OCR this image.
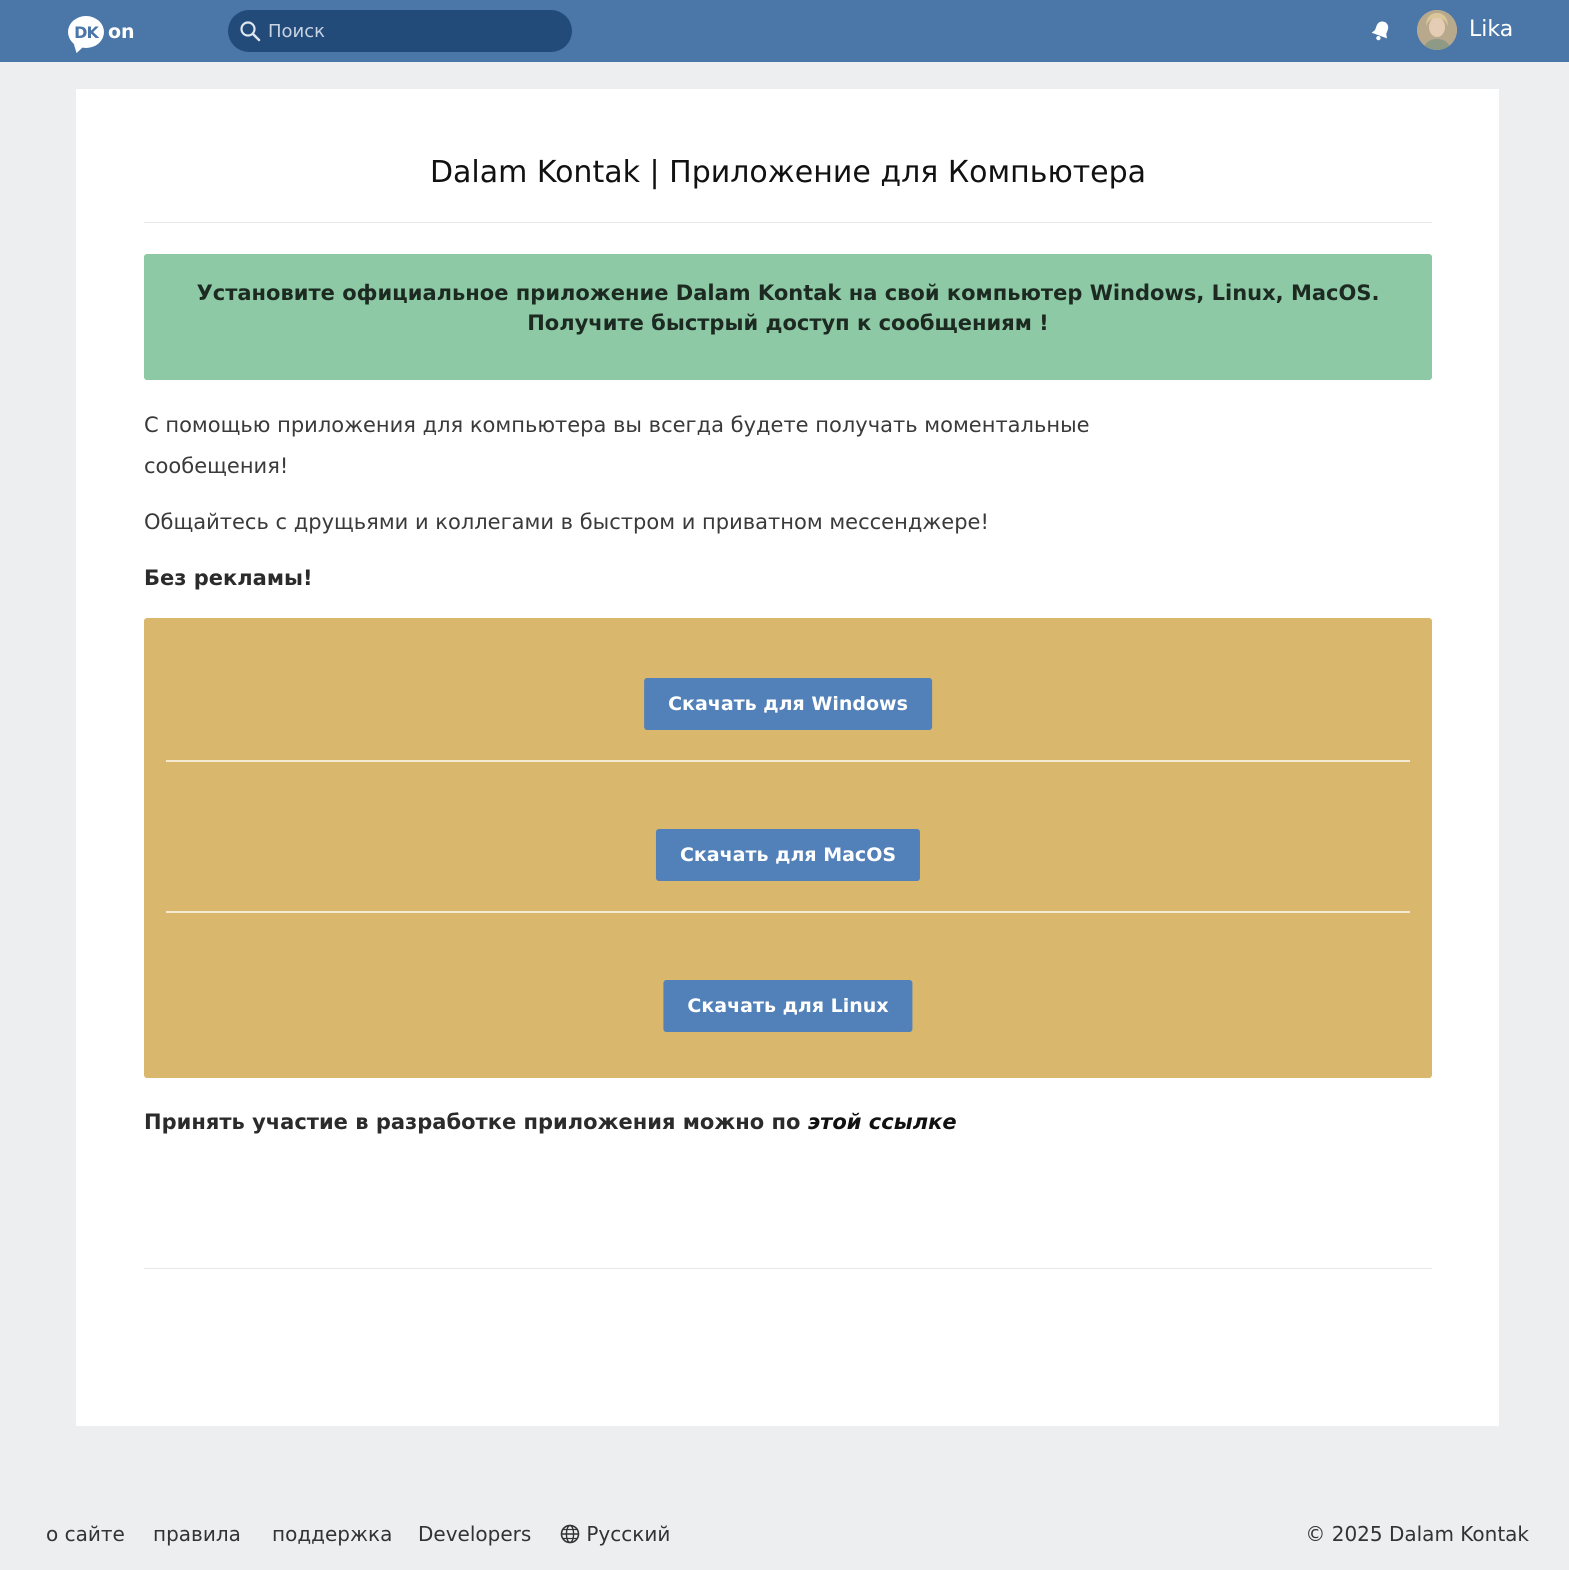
DK on
Поиск	Lika
Dalam Kontak | Приложение для Компьютера
Установите официальное приложение Dalam Kontak на свой компьютер Windows, Linux, MacOS. Получите быстрый доступ к сообщениям !

С помощью приложения для компьютера вы всегда будете получать моментальные сообещения!

Общайтесь с друщьями и коллегами в быстром и приватном мессенджере!

Без рекламы!

Скачать для Windows
Скачать для MacOS
Скачать для Linux

Принять участие в разработке приложения можно по этой ссылке

о сайте правила поддержка Developers	Русский	© 2025 Dalam Kontak
